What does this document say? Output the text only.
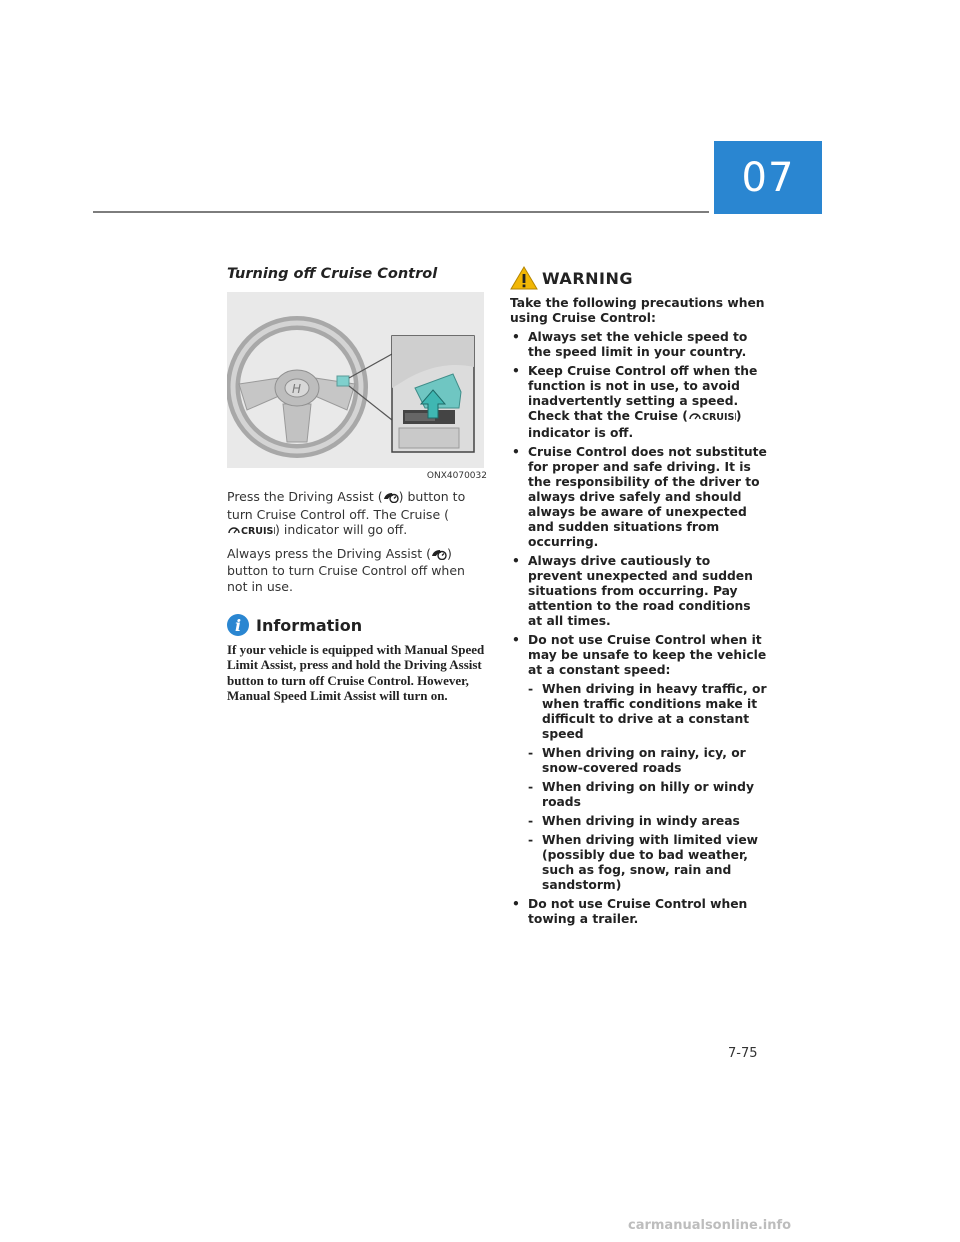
07
Turning off Cruise Control
H
ONX4070032

Press the Driving Assist ( ) button to turn Cruise Control off. The Cruise (
CRUIS ) indicator will go off.

Always press the Driving Assist ( ) button to turn Cruise Control off when not in use.

i Information

If your vehicle is equipped with Manual Speed Limit Assist, press and hold the Driving Assist button to turn off Cruise Control. However, Manual Speed Limit Assist will turn on.

WARNING

Take the following precautions when using Cruise Control:

• Always set the vehicle speed to the speed limit in your country.
• Keep Cruise Control off when the function is not in use, to avoid inadvertently setting a speed. Check that the Cruise ( CRUIS ) indicator is off.
• Cruise Control does not substitute for proper and safe driving. It is the responsibility of the driver to always drive safely and should always be aware of unexpected and sudden situations from occurring.
• Always drive cautiously to prevent unexpected and sudden situations from occurring. Pay attention to the road conditions at all times.
• Do not use Cruise Control when it may be unsafe to keep the vehicle at a constant speed:
- When driving in heavy traffic, or when traffic conditions make it difficult to drive at a constant speed
- When driving on rainy, icy, or snow-covered roads
- When driving on hilly or windy roads
- When driving in windy areas
- When driving with limited view (possibly due to bad weather, such as fog, snow, rain and sandstorm)
• Do not use Cruise Control when towing a trailer.
7-75
carmanualsonline.info
